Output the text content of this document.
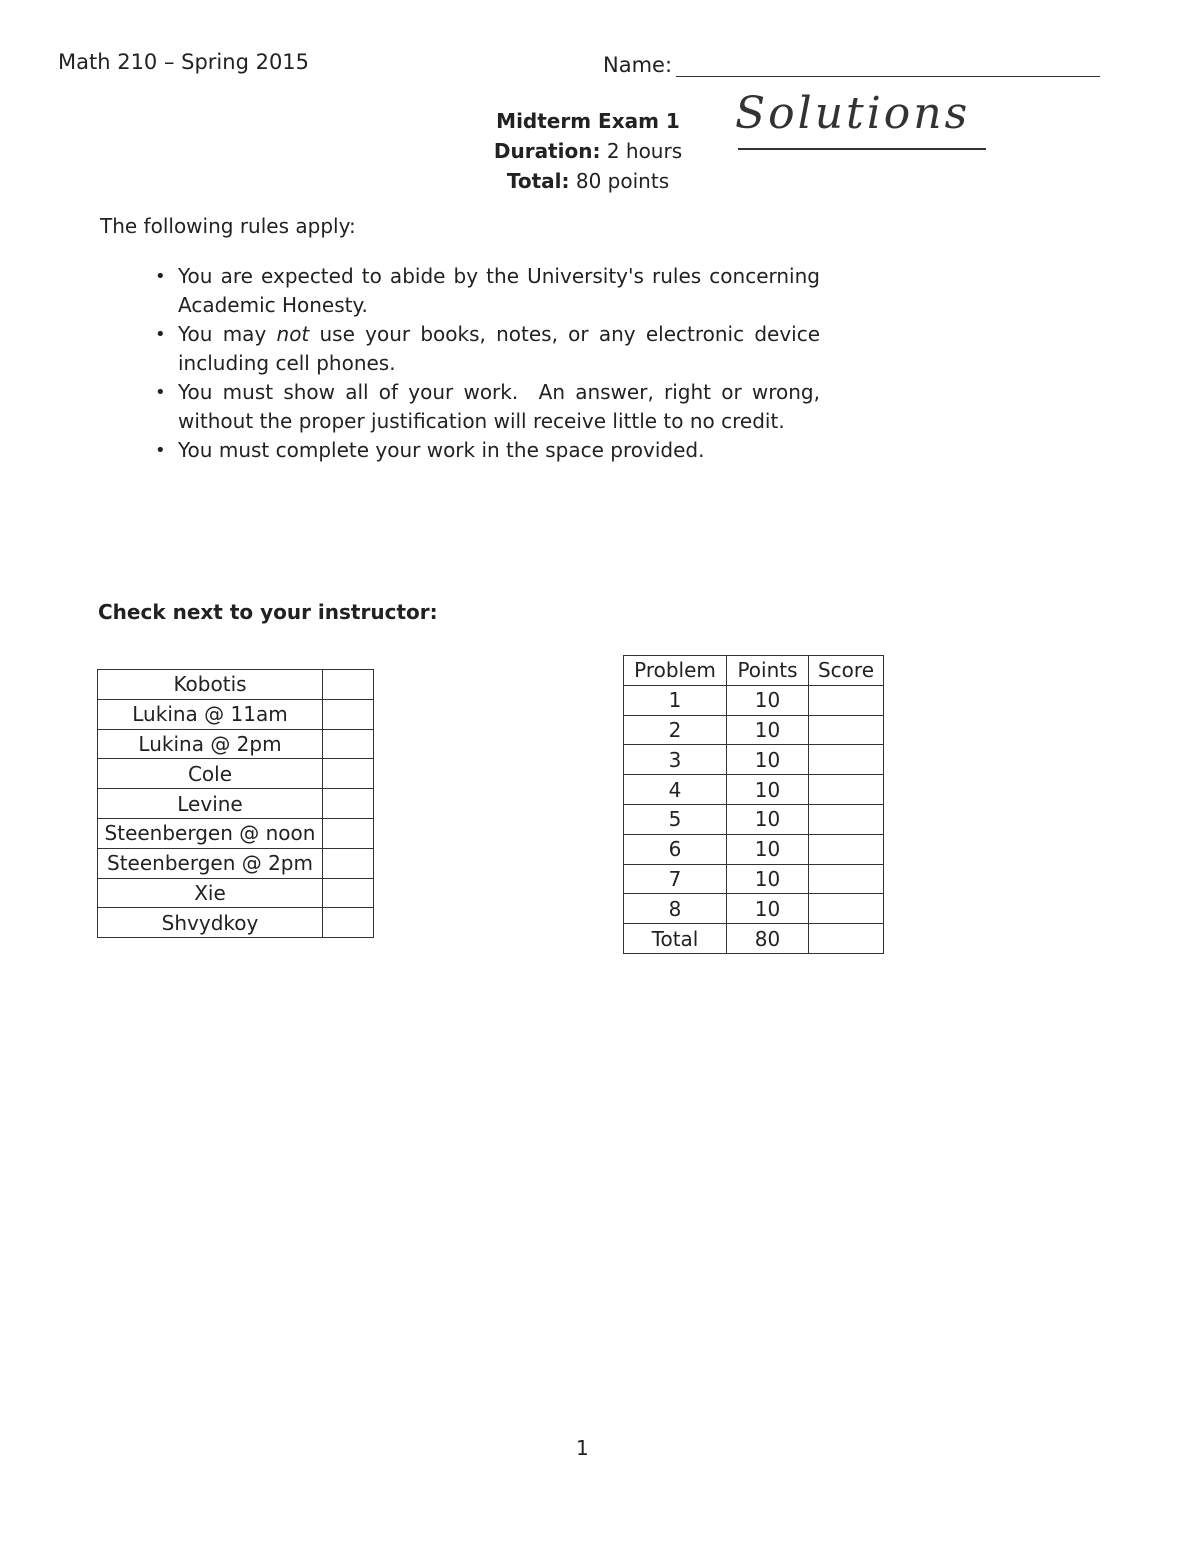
Math 210 – Spring 2015	Name:
Midterm Exam 1
Duration: 2 hours
Total: 80 points
Solutions
The following rules apply:
• You are expected to abide by the University's rules concerning Academic Honesty.
• You may not use your books, notes, or any electronic device including cell phones.
• You must show all of your work.  An answer, right or wrong, without the proper justification will receive little to no credit.
• You must complete your work in the space provided.
Check next to your instructor:
Kobotis	
Lukina @ 11am	
Lukina @ 2pm	
Cole	
Levine	
Steenbergen @ noon	
Steenbergen @ 2pm	
Xie	
Shvydkoy	
Problem	Points	Score
1	10	
2	10	
3	10	
4	10	
5	10	
6	10	
7	10	
8	10	
Total	80	
1
